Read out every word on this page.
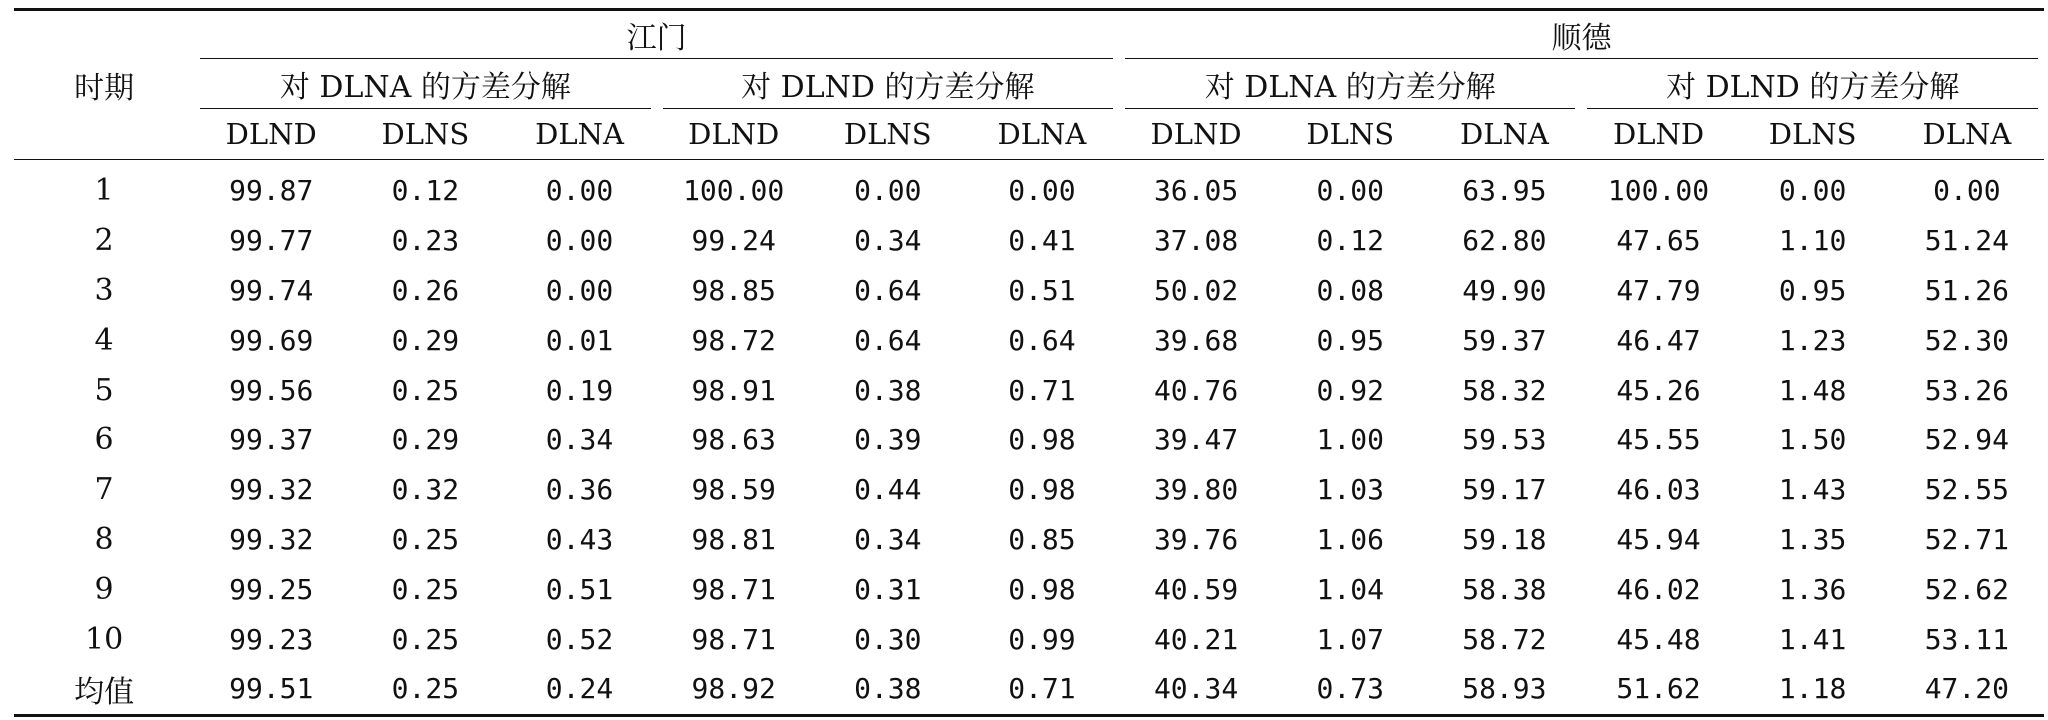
时期	江门						顺德					
	对 DLNA 的方差分解			对 DLND 的方差分解			对 DLNA 的方差分解			对 DLND 的方差分解		
	DLND	DLNS	DLNA	DLND	DLNS	DLNA	DLND	DLNS	DLNA	DLND	DLNS	DLNA
1	99.87	0.12	0.00	100.00	0.00	0.00	36.05	0.00	63.95	100.00	0.00	0.00
2	99.77	0.23	0.00	99.24	0.34	0.41	37.08	0.12	62.80	47.65	1.10	51.24
3	99.74	0.26	0.00	98.85	0.64	0.51	50.02	0.08	49.90	47.79	0.95	51.26
4	99.69	0.29	0.01	98.72	0.64	0.64	39.68	0.95	59.37	46.47	1.23	52.30
5	99.56	0.25	0.19	98.91	0.38	0.71	40.76	0.92	58.32	45.26	1.48	53.26
6	99.37	0.29	0.34	98.63	0.39	0.98	39.47	1.00	59.53	45.55	1.50	52.94
7	99.32	0.32	0.36	98.59	0.44	0.98	39.80	1.03	59.17	46.03	1.43	52.55
8	99.32	0.25	0.43	98.81	0.34	0.85	39.76	1.06	59.18	45.94	1.35	52.71
9	99.25	0.25	0.51	98.71	0.31	0.98	40.59	1.04	58.38	46.02	1.36	52.62
10	99.23	0.25	0.52	98.71	0.30	0.99	40.21	1.07	58.72	45.48	1.41	53.11
均值	99.51	0.25	0.24	98.92	0.38	0.71	40.34	0.73	58.93	51.62	1.18	47.20
